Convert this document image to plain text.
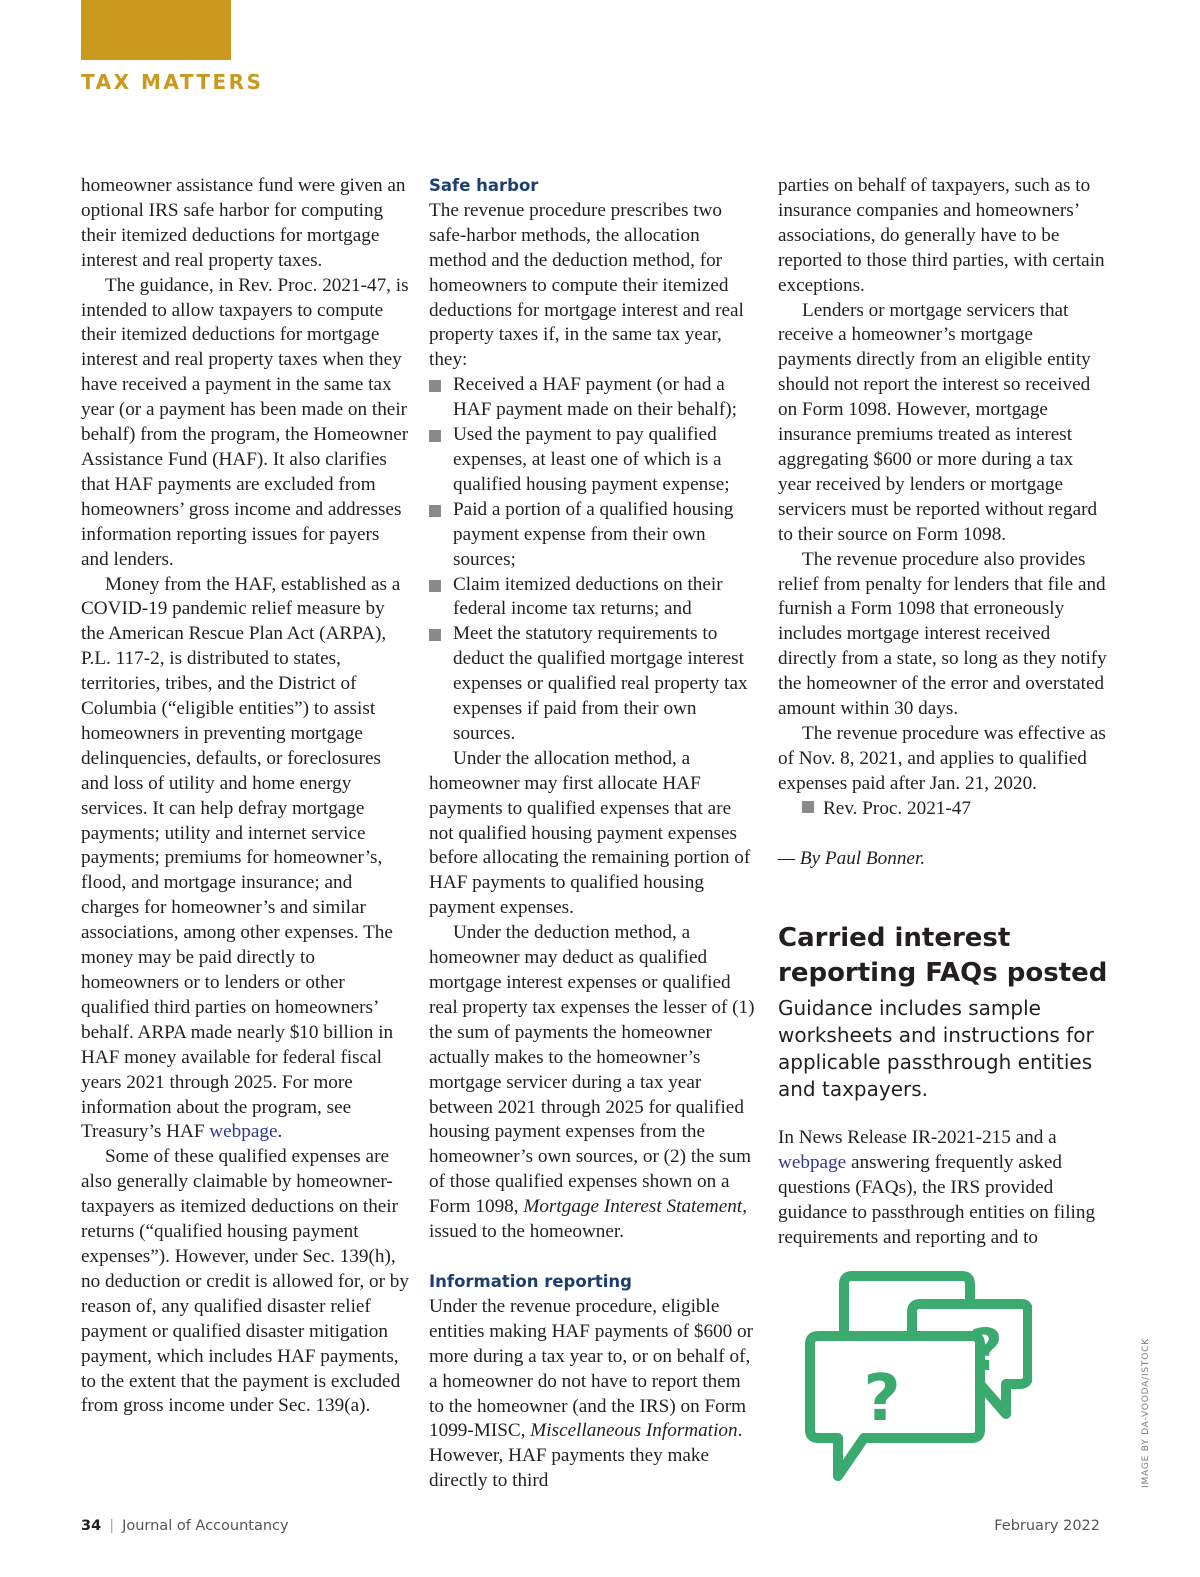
TAX MATTERS

homeowner assistance fund were given an optional IRS safe harbor for computing their itemized deductions for mortgage interest and real property taxes.

The guidance, in Rev. Proc. 2021-47, is intended to allow taxpayers to compute their itemized deductions for mortgage interest and real property taxes when they have received a payment in the same tax year (or a payment has been made on their behalf) from the program, the Homeowner Assistance Fund (HAF). It also clarifies that HAF payments are excluded from homeowners’ gross income and addresses information reporting issues for payers and lenders.

Money from the HAF, established as a COVID-19 pandemic relief measure by the American Rescue Plan Act (ARPA), P.L. 117-2, is distributed to states, territories, tribes, and the District of Columbia (“eligible entities”) to assist homeowners in preventing mortgage delinquencies, defaults, or foreclosures and loss of utility and home energy services. It can help defray mortgage payments; utility and internet service payments; premiums for homeowner’s, flood, and mortgage insurance; and charges for homeowner’s and similar associations, among other expenses. The money may be paid directly to homeowners or to lenders or other qualified third parties on homeowners’ behalf. ARPA made nearly $10 billion in HAF money available for federal fiscal years 2021 through 2025. For more information about the program, see Treasury’s HAF webpage.

Some of these qualified expenses are also generally claimable by homeowner-taxpayers as itemized deductions on their returns (“qualified housing payment expenses”). However, under Sec. 139(h), no deduction or credit is allowed for, or by reason of, any qualified disaster relief payment or qualified disaster mitigation payment, which includes HAF payments, to the extent that the payment is excluded from gross income under Sec. 139(a).

Safe harbor

The revenue procedure prescribes two safe-harbor methods, the allocation method and the deduction method, for homeowners to compute their itemized deductions for mortgage interest and real property taxes if, in the same tax year, they:

Received a HAF payment (or had a HAF payment made on their behalf);
Used the payment to pay qualified expenses, at least one of which is a qualified housing payment expense;
Paid a portion of a qualified housing payment expense from their own sources;
Claim itemized deductions on their federal income tax returns; and
Meet the statutory requirements to deduct the qualified mortgage interest expenses or qualified real property tax expenses if paid from their own sources.

Under the allocation method, a homeowner may first allocate HAF payments to qualified expenses that are not qualified housing payment expenses before allocating the remaining portion of HAF payments to qualified housing payment expenses.

Under the deduction method, a homeowner may deduct as qualified mortgage interest expenses or qualified real property tax expenses the lesser of (1) the sum of payments the homeowner actually makes to the homeowner’s mortgage servicer during a tax year between 2021 through 2025 for qualified housing payment expenses from the homeowner’s own sources, or (2) the sum of those qualified expenses shown on a Form 1098, Mortgage Interest Statement, issued to the homeowner.

Information reporting

Under the revenue procedure, eligible entities making HAF payments of $600 or more during a tax year to, or on behalf of, a homeowner do not have to report them to the homeowner (and the IRS) on Form 1099-MISC, Miscellaneous Information. However, HAF payments they make directly to third

parties on behalf of taxpayers, such as to insurance companies and homeowners’ associations, do generally have to be reported to those third parties, with certain exceptions.

Lenders or mortgage servicers that receive a homeowner’s mortgage payments directly from an eligible entity should not report the interest so received on Form 1098. However, mortgage insurance premiums treated as interest aggregating $600 or more during a tax year received by lenders or mortgage servicers must be reported without regard to their source on Form 1098.

The revenue procedure also provides relief from penalty for lenders that file and furnish a Form 1098 that erroneously includes mortgage interest received directly from a state, so long as they notify the homeowner of the error and overstated amount within 30 days.

The revenue procedure was effective as of Nov. 8, 2021, and applies to qualified expenses paid after Jan. 21, 2020.

Rev. Proc. 2021-47

— By Paul Bonner.

Carried interest reporting FAQs posted

Guidance includes sample worksheets and instructions for applicable passthrough entities and taxpayers.

In News Release IR-2021-215 and a webpage answering frequently asked questions (FAQs), the IRS provided guidance to passthrough entities on filing requirements and reporting and to

?
?	IMAGE BY DA-VOODA/ISTOCK
34 | Journal of Accountancy	February 2022
